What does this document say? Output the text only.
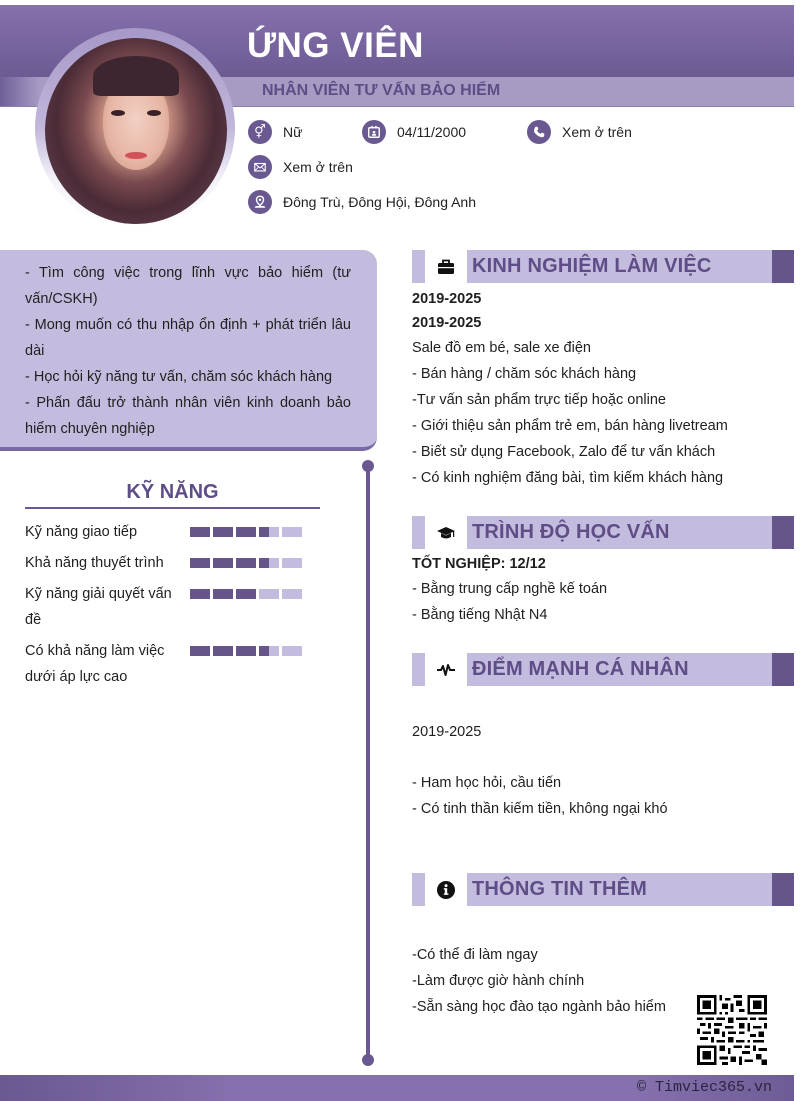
ỨNG VIÊN
NHÂN VIÊN TƯ VẤN BẢO HIỂM
⚥	Nữ	04/11/2000	Xem ở trên
Xem ở trên
Đông Trù, Đông Hội, Đông Anh

- Tìm công việc trong lĩnh vực bảo hiểm (tư vấn/CSKH)

- Mong muốn có thu nhập ổn định + phát triển lâu dài

- Học hỏi kỹ năng tư vấn, chăm sóc khách hàng

- Phấn đấu trở thành nhân viên kinh doanh bảo hiểm chuyên nghiệp

KỸ NĂNG
Kỹ năng giao tiếp
Khả năng thuyết trình
Kỹ năng giải quyết vấn đề
Có khả năng làm việc dưới áp lực cao
KINH NGHIỆM LÀM VIỆC
2019-2025
2019-2025
Sale đồ em bé, sale xe điện
- Bán hàng / chăm sóc khách hàng
-Tư vấn sản phẩm trực tiếp hoặc online
- Giới thiệu sản phẩm trẻ em, bán hàng livetream
- Biết sử dụng Facebook, Zalo để tư vấn khách
- Có kinh nghiệm đăng bài, tìm kiếm khách hàng
TRÌNH ĐỘ HỌC VẤN
TỐT NGHIỆP: 12/12
- Bằng trung cấp nghề kế toán
- Bằng tiếng Nhật N4
ĐIỂM MẠNH CÁ NHÂN
2019-2025
- Ham học hỏi, cầu tiến
- Có tinh thần kiếm tiền, không ngại khó
THÔNG TIN THÊM
-Có thể đi làm ngay
-Làm được giờ hành chính
-Sẵn sàng học đào tạo ngành bảo hiểm
© Timviec365.vn
